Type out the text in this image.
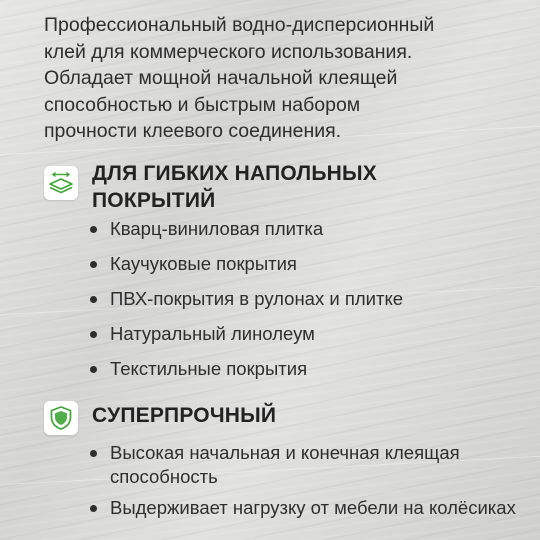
Профессиональный водно-дисперсионный
клей для коммерческого использования.
Обладает мощной начальной клеящей
способностью и быстрым набором
прочности клеевого соединения.

ДЛЯ ГИБКИХ НАПОЛЬНЫХ
ПОКРЫТИЙ
Кварц-виниловая плитка
Каучуковые покрытия
ПВХ-покрытия в рулонах и плитке
Натуральный линолеум
Текстильные покрытия
СУПЕРПРОЧНЫЙ
Высокая начальная и конечная клеящая способность
Выдерживает нагрузку от мебели на колёсиках
